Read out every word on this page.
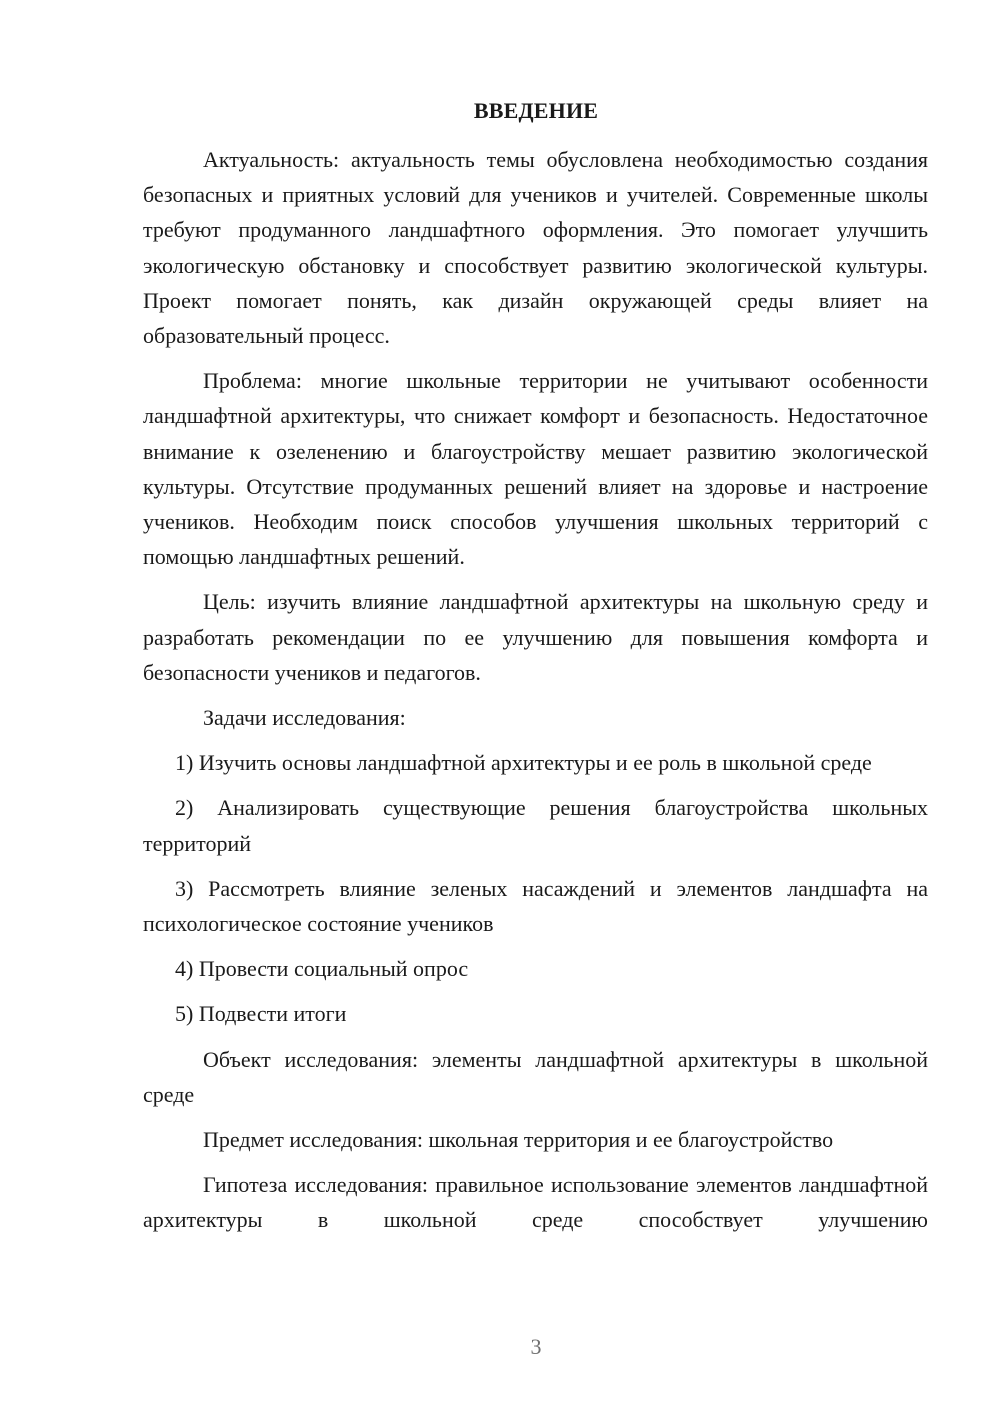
ВВЕДЕНИЕ

Актуальность: актуальность темы обусловлена необходимостью создания безопасных и приятных условий для учеников и учителей. Современные школы требуют продуманного ландшафтного оформления. Это помогает улучшить экологическую обстановку и способствует развитию экологической культуры. Проект помогает понять, как дизайн окружающей среды влияет на образовательный процесс.

Проблема: многие школьные территории не учитывают особенности ландшафтной архитектуры, что снижает комфорт и безопасность. Недостаточное внимание к озеленению и благоустройству мешает развитию экологической культуры. Отсутствие продуманных решений влияет на здоровье и настроение учеников. Необходим поиск способов улучшения школьных территорий с помощью ландшафтных решений.

Цель: изучить влияние ландшафтной архитектуры на школьную среду и разработать рекомендации по ее улучшению для повышения комфорта и безопасности учеников и педагогов.

Задачи исследования:

1) Изучить основы ландшафтной архитектуры и ее роль в школьной среде

2) Анализировать существующие решения благоустройства школьных территорий

3) Рассмотреть влияние зеленых насаждений и элементов ландшафта на психологическое состояние учеников

4) Провести социальный опрос

5) Подвести итоги

Объект исследования: элементы ландшафтной архитектуры в школьной среде

Предмет исследования: школьная территория и ее благоустройство

Гипотеза исследования: правильное использование элементов ландшафтной архитектуры в школьной среде способствует улучшению

3
